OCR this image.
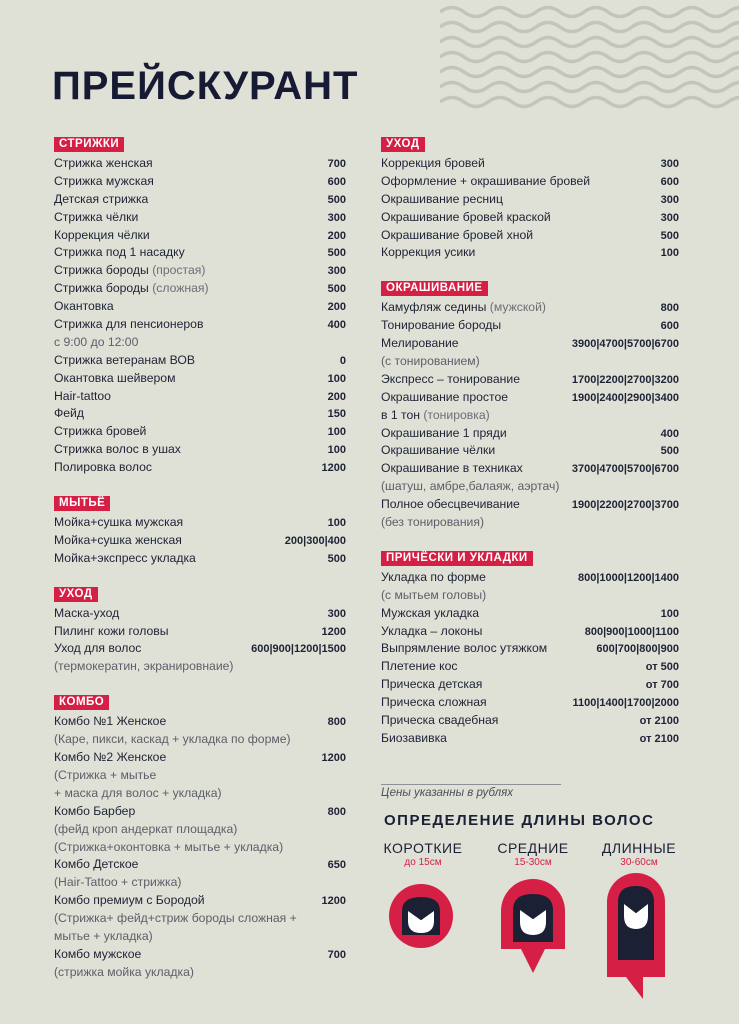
ПРЕЙСКУРАНТ
СТРИЖКИ
Стрижка женская	700
Стрижка мужская	600
Детская стрижка	500
Стрижка чёлки	300
Коррекция чёлки	200
Стрижка под 1 насадку	500
Стрижка бороды (простая)	300
Стрижка бороды (сложная)	500
Окантовка	200
Стрижка для пенсионеров	400
с 9:00 до 12:00
Стрижка ветеранам ВОВ	0
Окантовка шейвером	100
Hair-tattoo	200
Фейд	150
Стрижка бровей	100
Стрижка волос в ушах	100
Полировка волос	1200
МЫТЬЁ
Мойка+сушка мужская	100
Мойка+сушка женская	200|300|400
Мойка+экспресс укладка	500
УХОД
Маска-уход	300
Пилинг кожи головы	1200
Уход для волос	600|900|1200|1500
(термокератин, экранировнаие)
КОМБО
Комбо №1 Женское	800
(Каре, пикси, каскад + укладка по форме)
Комбо №2 Женское	1200
(Стрижка + мытье
+ маска для волос + укладка)
Комбо Барбер	800
(фейд кроп андеркат площадка)
(Стрижка+оконтовка + мытье + укладка)
Комбо Детское	650
(Hair-Tattoo + стрижка)
Комбо премиум с Бородой	1200
(Стрижка+ фейд+стриж бороды сложная +
мытье + укладка)
Комбо мужское	700
(стрижка мойка укладка)
УХОД
Коррекция бровей	300
Оформление + окрашивание бровей	600
Окрашивание ресниц	300
Окрашивание бровей краской	300
Окрашивание бровей хной	500
Коррекция усики	100
ОКРАШИВАНИЕ
Камуфляж седины (мужской)	800
Тонирование бороды	600
Мелирование	3900|4700|5700|6700
(с тонированием)
Экспресс – тонирование	1700|2200|2700|3200
Окрашивание простое	1900|2400|2900|3400
в 1 тон (тонировка)
Окрашивание 1 пряди	400
Окрашивание чёлки	500
Окрашивание в техниках	3700|4700|5700|6700
(шатуш, амбре,балаяж, аэртач)
Полное обесцвечивание	1900|2200|2700|3700
(без тонирования)
ПРИЧЁСКИ И УКЛАДКИ
Укладка по форме	800|1000|1200|1400
(с мытьем головы)
Мужская укладка	100
Укладка – локоны	800|900|1000|1100
Выпрямление волос утяжком	600|700|800|900
Плетение кос	от 500
Прическа детская	от 700
Прическа сложная	1100|1400|1700|2000
Прическа свадебная	от 2100
Биозавивка	от 2100
Цены указанны в рублях
ОПРЕДЕЛЕНИЕ ДЛИНЫ ВОЛОС
КОРОТКИЕ
до 15см
СРЕДНИЕ
15-30см
ДЛИННЫЕ
30-60см
